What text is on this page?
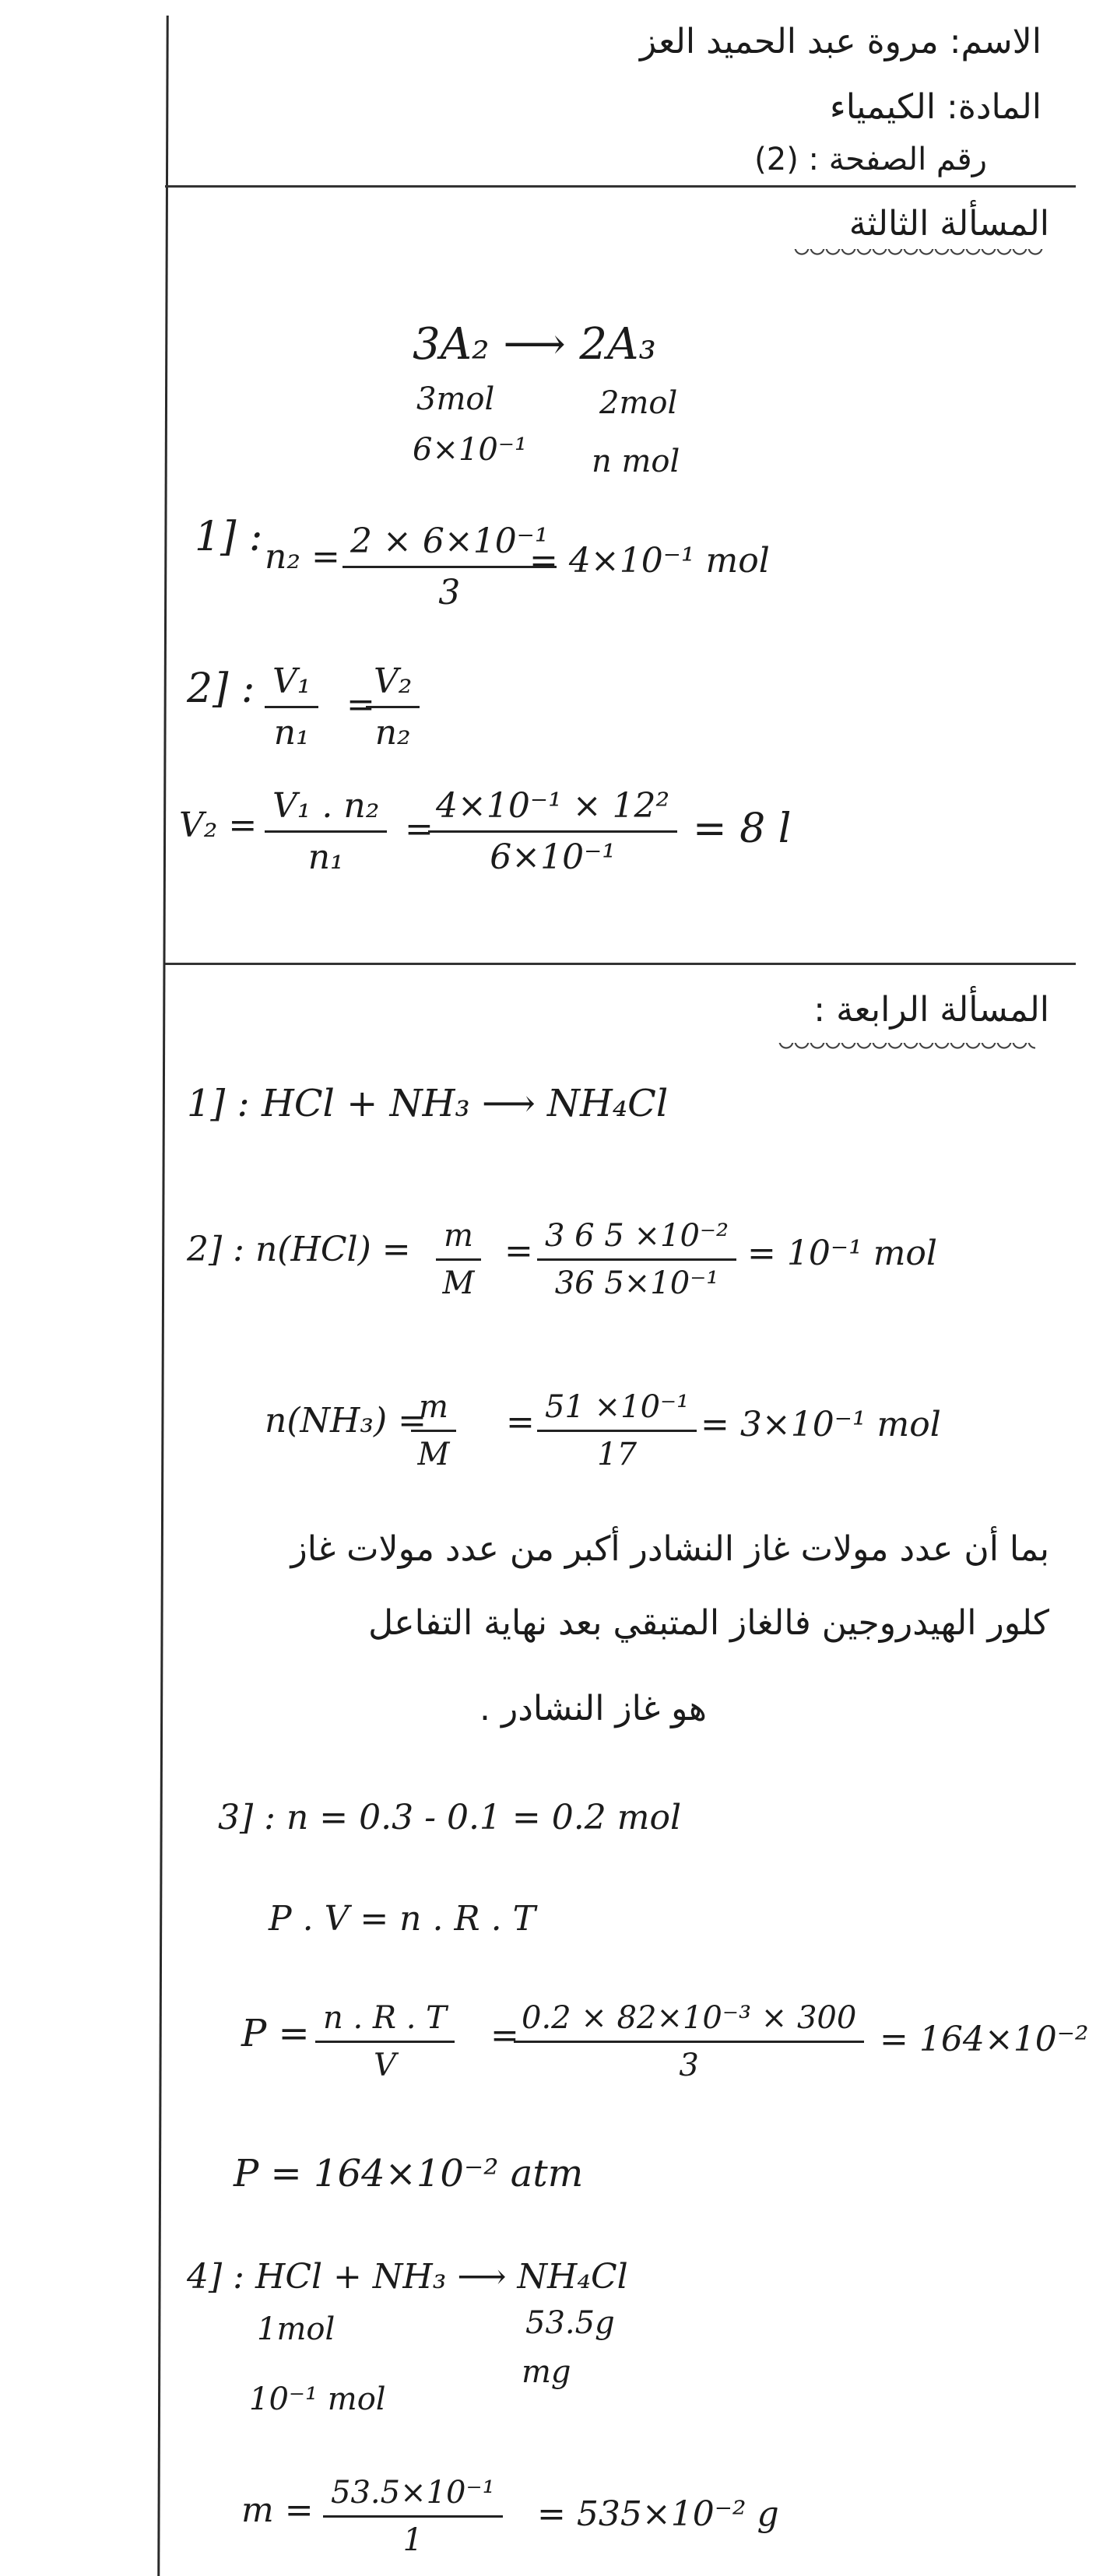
الاسم: مروة عبد الحميد العز
المادة: الكيمياء
رقم الصفحة : (2)
المسألة الثالثة
3A₂ ⟶ 2A₃
3mol	2mol
6×10⁻¹ n mol
1] : $n_2 = \frac{\text{2 × 6×10⁻¹}}{3}$
= 4×10⁻¹ mol
2] : $\frac{\text{V₁}}{\text{n₁}}$ =
$\frac{\text{V₂}}{\text{n₂}}$
$V_2 = \frac{\text{V₁ . n₂}}{\text{n₁}}$ =
$\frac{\text{4×10⁻¹ × 12²}}{\text{6×10⁻¹}} = 8$ l
المسألة الرابعة :
1] : HCl + NH₃ ⟶ NH₄Cl
2] : $n(HCl) = \frac{m}{M} = \frac{\text{3 6 5 ×10⁻²}}{\text{36 5×10⁻¹}} = 10^{-1}$ mol
n(NH₃) =
$\frac{m}{M} = \frac{\text{51 ×10⁻¹}}{17} = 3\times 10^{-1}$ mol
بما أن عدد مولات غاز النشادر أكبر من عدد مولات غاز
كلور الهيدروجين فالغاز المتبقي بعد نهاية التفاعل
هو غاز النشادر .
3] : n = 0.3 - 0.1 = 0.2 mol
P . V = n . R . T
$P = \frac{n . R . T}{V}$ =
$\frac{\text{0.2 × 82×10⁻³ × 300}}{3} = 164\times 10^{-2}$
P = 164×10⁻² atm
4] : HCl + NH₃ ⟶ NH₄Cl
1mol	53.5g
mg
10⁻¹ mol
$m = \frac{\text{53.5×10⁻¹}}{1} = 535\times 10^{-2}$ g
